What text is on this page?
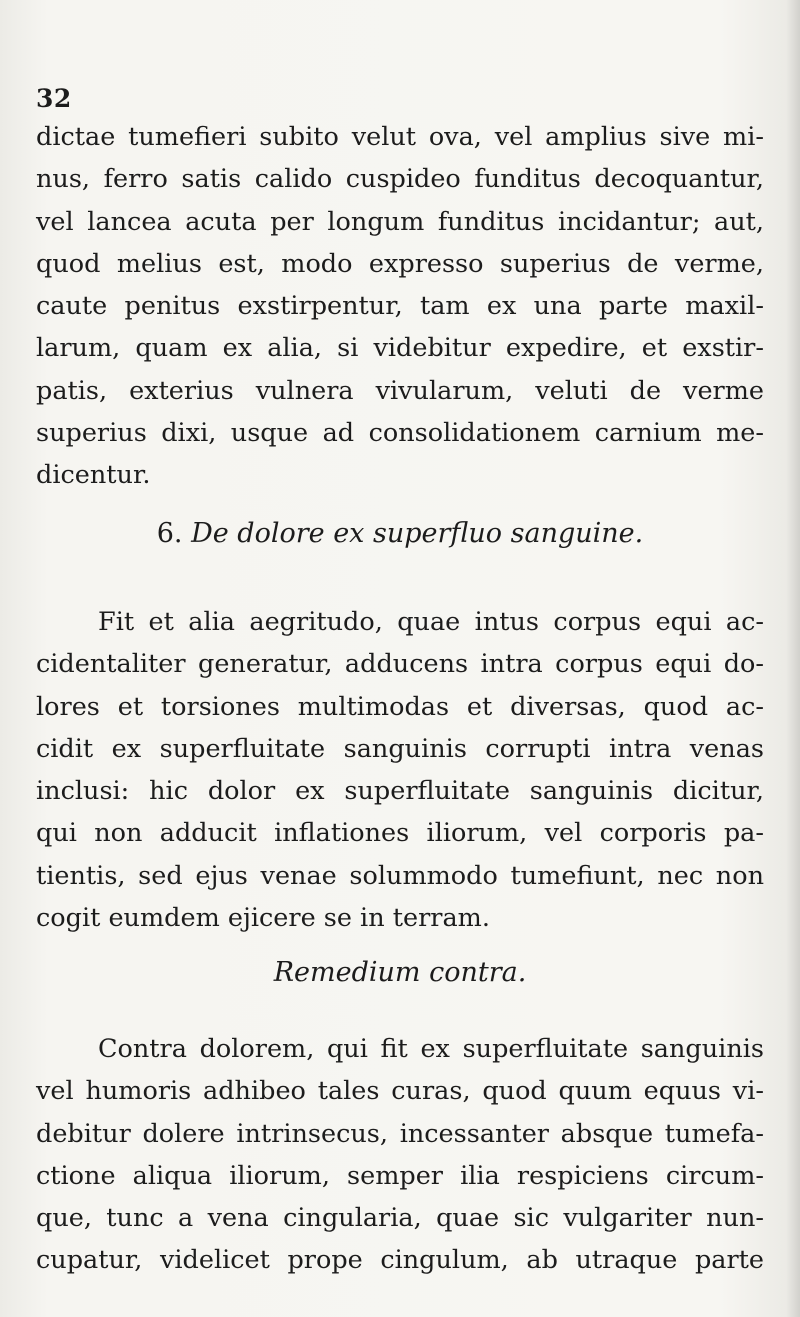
32
dictae tumefieri subito velut ova, vel amplius sive mi-
nus, ferro satis calido cuspideo funditus decoquantur,
vel lancea acuta per longum funditus incidantur; aut,
quod melius est, modo expresso superius de verme,
caute penitus exstirpentur, tam ex una parte maxil-
larum, quam ex alia, si videbitur expedire, et exstir-
patis, exterius vulnera vivularum, veluti de verme
superius dixi, usque ad consolidationem carnium me-
dicentur.
6. De dolore ex superfluo sanguine.
Fit et alia aegritudo, quae intus corpus equi ac-
cidentaliter generatur, adducens intra corpus equi do-
lores et torsiones multimodas et diversas, quod ac-
cidit ex superfluitate sanguinis corrupti intra venas
inclusi: hic dolor ex superfluitate sanguinis dicitur,
qui non adducit inflationes iliorum, vel corporis pa-
tientis, sed ejus venae solummodo tumefiunt, nec non
cogit eumdem ejicere se in terram.
Remedium contra.
Contra dolorem, qui fit ex superfluitate sanguinis
vel humoris adhibeo tales curas, quod quum equus vi-
debitur dolere intrinsecus, incessanter absque tumefa-
ctione aliqua iliorum, semper ilia respiciens circum-
que, tunc a vena cingularia, quae sic vulgariter nun-
cupatur, videlicet prope cingulum, ab utraque parte
